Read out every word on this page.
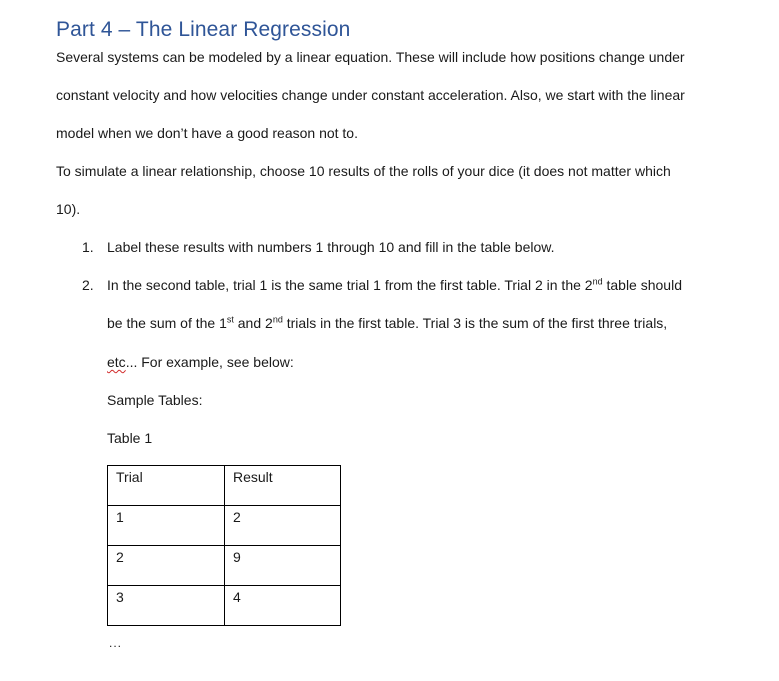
Part 4 – The Linear Regression
Several systems can be modeled by a linear equation. These will include how positions change under
constant velocity and how velocities change under constant acceleration. Also, we start with the linear
model when we don’t have a good reason not to.
To simulate a linear relationship, choose 10 results of the rolls of your dice (it does not matter which
10).
1. Label these results with numbers 1 through 10 and fill in the table below.
2. In the second table, trial 1 is the same trial 1 from the first table. Trial 2 in the 2nd table should
be the sum of the 1st and 2nd trials in the first table. Trial 3 is the sum of the first three trials,
etc... For example, see below:
Sample Tables:
Table 1
Trial	Result
1	2
2	9
3	4
...
